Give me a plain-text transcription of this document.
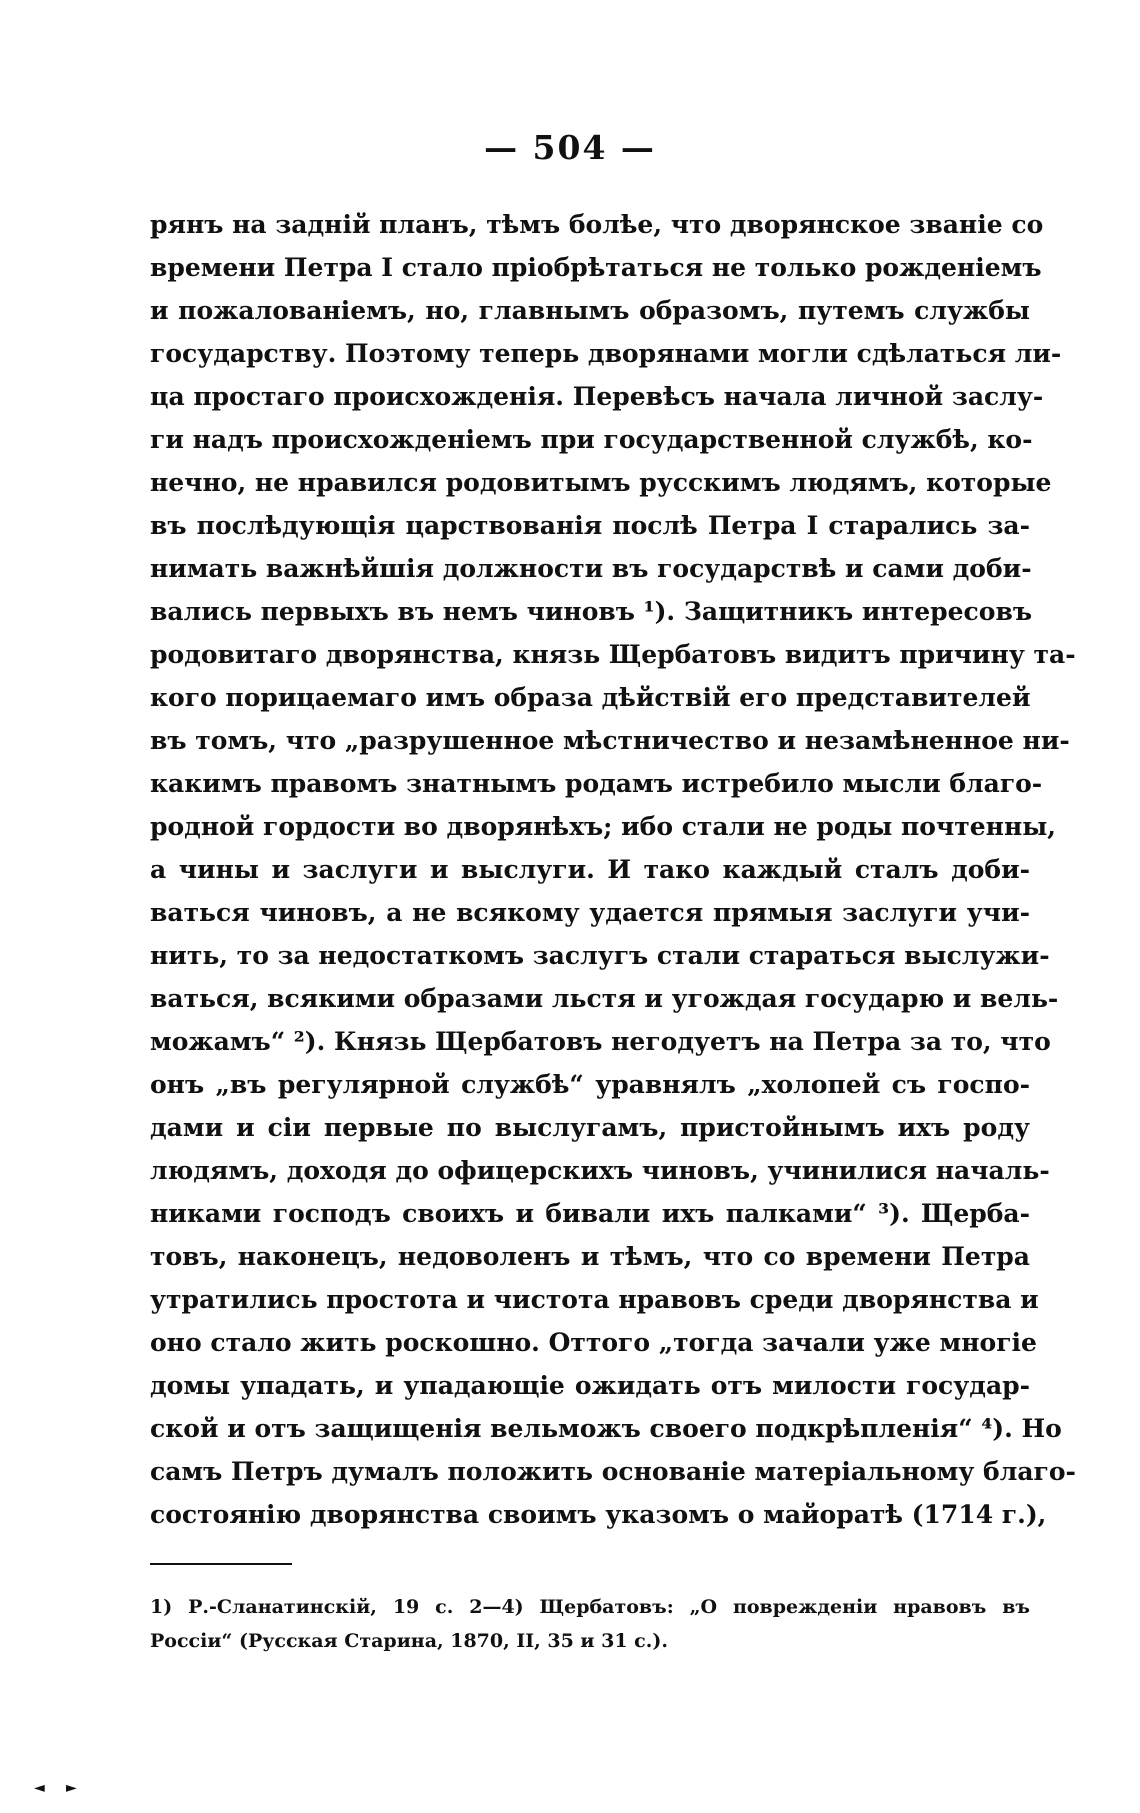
— 504 —
рянъ на заднiй планъ, тѣмъ болѣе, что дворянское званiе со
времени Петра I стало прiобрѣтаться не только рожденiемъ
и пожалованiемъ, но, главнымъ образомъ, путемъ службы
государству. Поэтому теперь дворянами могли сдѣлаться ли-
ца простаго происхожденiя. Перевѣсъ начала личной заслу-
ги надъ происхожденiемъ при государственной службѣ, ко-
нечно, не нравился родовитымъ русскимъ людямъ, которые
въ послѣдующiя царствованiя послѣ Петра I старались за-
нимать важнѣйшiя должности въ государствѣ и сами доби-
вались первыхъ въ немъ чиновъ ¹). Защитникъ интересовъ
родовитаго дворянства, князь Щербатовъ видитъ причину та-
кого порицаемаго имъ образа дѣйствiй его представителей
въ томъ, что „разрушенное мѣстничество и незамѣненное ни-
какимъ правомъ знатнымъ родамъ истребило мысли благо-
родной гордости во дворянѣхъ; ибо стали не роды почтенны,
а чины и заслуги и выслуги. И тако каждый сталъ доби-
ваться чиновъ, а не всякому удается прямыя заслуги учи-
нить, то за недостаткомъ заслугъ стали стараться выслужи-
ваться, всякими образами льстя и угождая государю и вель-
можамъ“ ²). Князь Щербатовъ негодуетъ на Петра за то, что
онъ „въ регулярной службѣ“ уравнялъ „холопей съ госпо-
дами и сiи первые по выслугамъ, пристойнымъ ихъ роду
людямъ, доходя до офицерскихъ чиновъ, учинилися началь-
никами господъ своихъ и бивали ихъ палками“ ³). Щерба-
товъ, наконецъ, недоволенъ и тѣмъ, что со времени Петра
утратились простота и чистота нравовъ среди дворянства и
оно стало жить роскошно. Оттого „тогда зачали уже многiе
домы упадать, и упадающiе ожидать отъ милости государ-
ской и отъ защищенiя вельможъ своего подкрѣпленiя“ ⁴). Но
самъ Петръ думалъ положить основанiе матерiальному благо-
состоянiю дворянства своимъ указомъ о майоратѣ (1714 г.),
1) Р.-Сланатинскiй, 19 с. 2—4) Щербатовъ: „О поврежденiи нравовъ въ
Россiи“ (Русская Старина, 1870, II, 35 и 31 с.).
◄ ►
